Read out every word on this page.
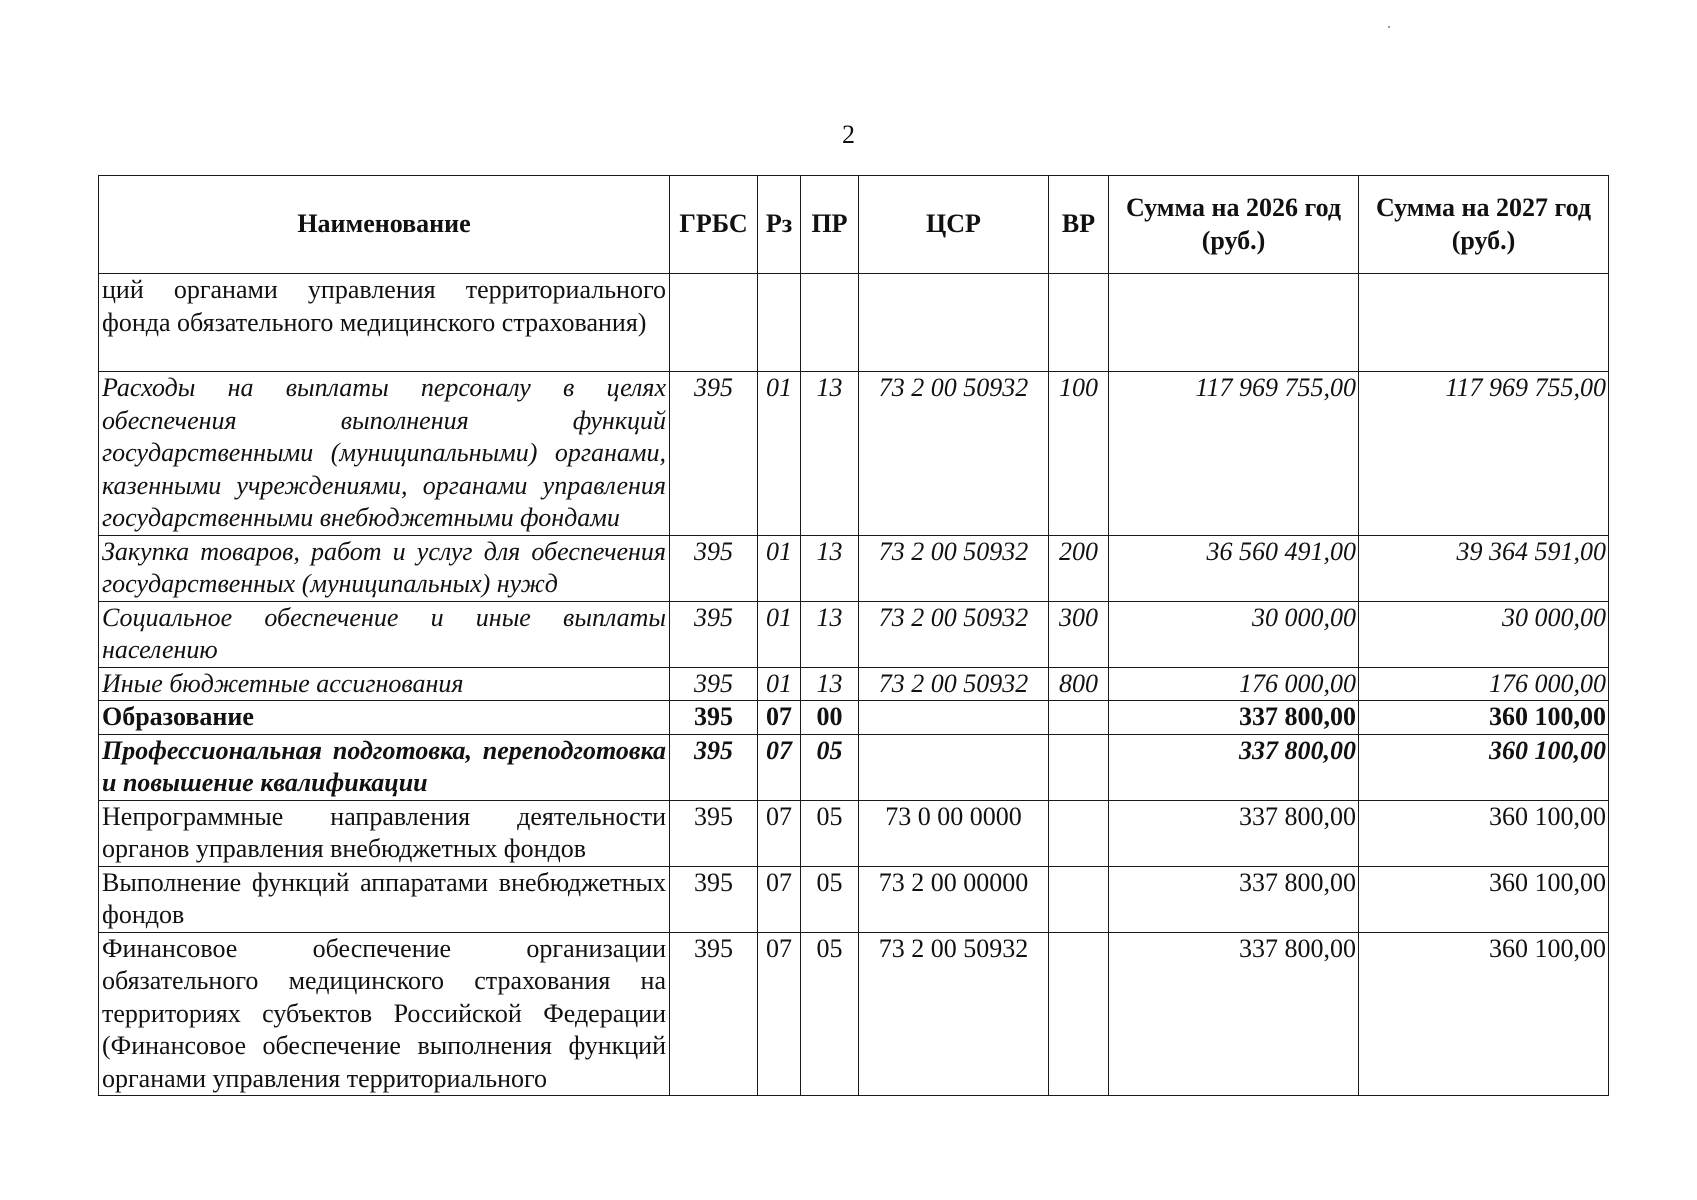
2
Наименование	ГРБС	Рз	ПР	ЦСР	ВР	Сумма на 2026 год (руб.)	Сумма на 2027 год (руб.)
ций органами управления территориального фонда обязательного медицинского страхования)							
Расходы на выплаты персоналу в целях обеспечения выполнения функций государственными (муниципальными) органами, казенными учреждениями, органами управления государственными внебюджетными фондами	395	01	13	73 2 00 50932	100	117 969 755,00	117 969 755,00
Закупка товаров, работ и услуг для обеспечения государственных (муниципальных) нужд	395	01	13	73 2 00 50932	200	36 560 491,00	39 364 591,00
Социальное обеспечение и иные выплаты населению	395	01	13	73 2 00 50932	300	30 000,00	30 000,00
Иные бюджетные ассигнования	395	01	13	73 2 00 50932	800	176 000,00	176 000,00
Образование	395	07	00			337 800,00	360 100,00
Профессиональная подготовка, переподготовка и повышение квалификации	395	07	05			337 800,00	360 100,00
Непрограммные направления деятельности органов управления внебюджетных фондов	395	07	05	73 0 00 0000		337 800,00	360 100,00
Выполнение функций аппаратами внебюджетных фондов	395	07	05	73 2 00 00000		337 800,00	360 100,00
Финансовое обеспечение организации обязательного медицинского страхования на территориях субъектов Российской Федерации (Финансовое обеспечение выполнения функций органами управления территориального	395	07	05	73 2 00 50932		337 800,00	360 100,00
